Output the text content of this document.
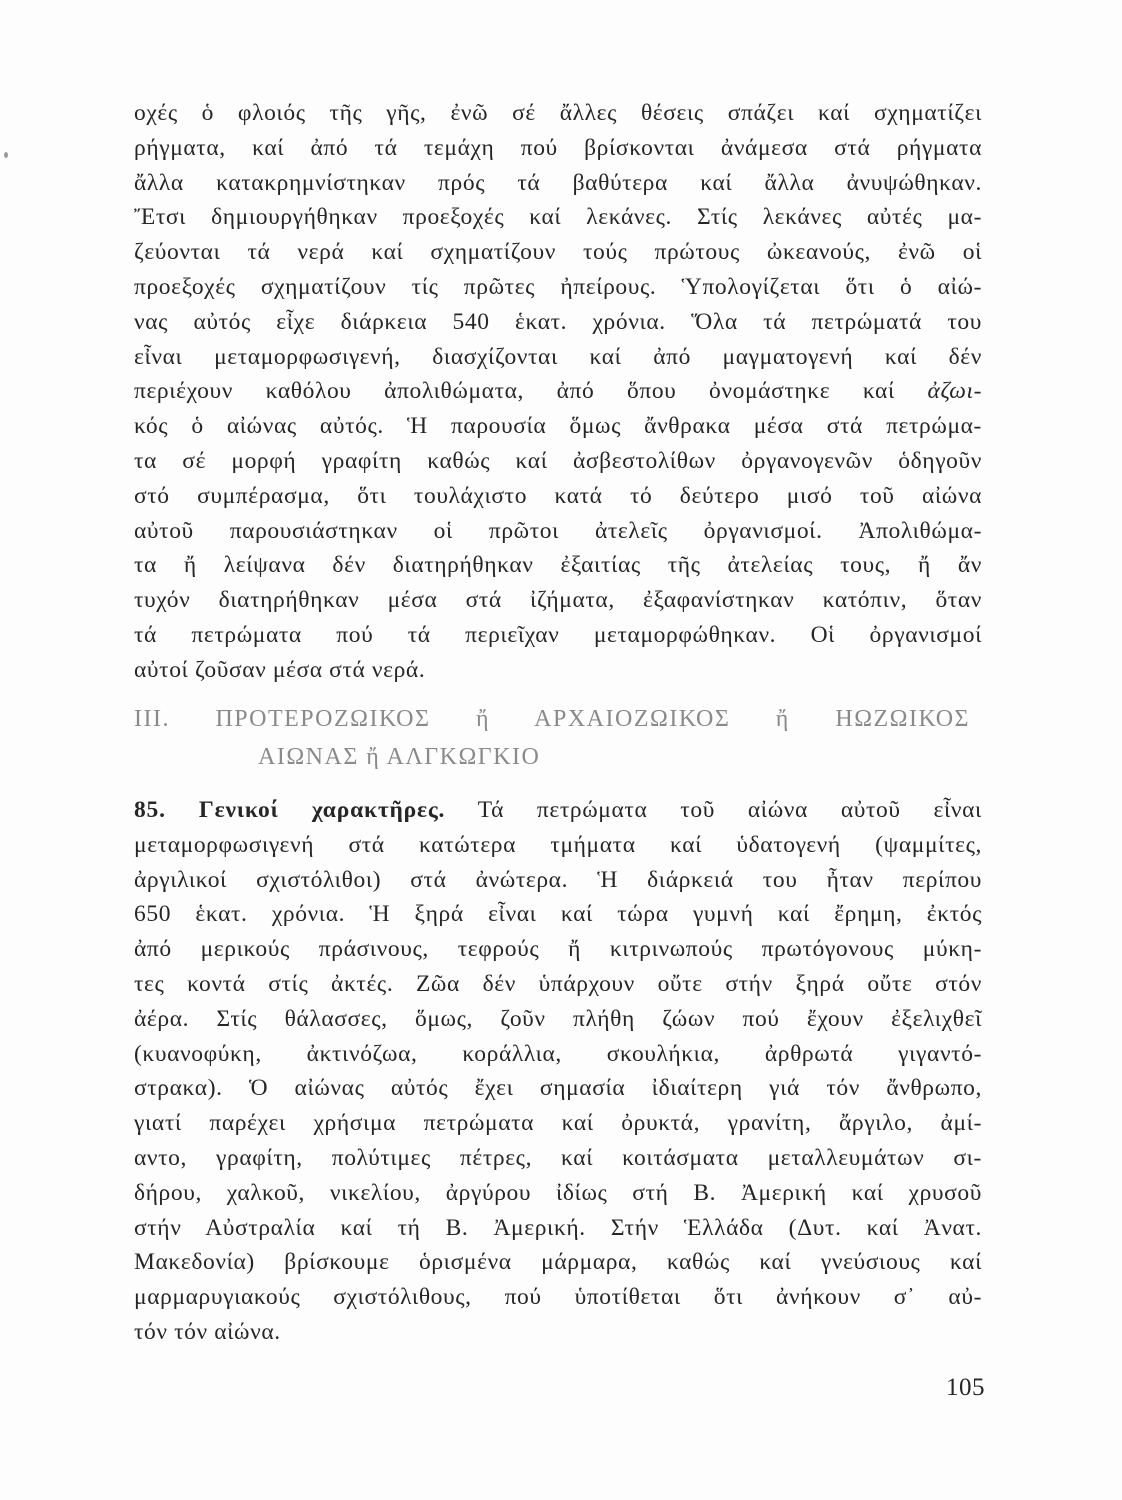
οχές ὁ φλοιός τῆς γῆς, ἐνῶ σέ ἄλλες θέσεις σπάζει καί σχηματίζει
ρήγματα, καί ἀπό τά τεμάχη πού βρίσκονται ἀνάμεσα στά ρήγματα
ἄλλα κατακρημνίστηκαν πρός τά βαθύτερα καί ἄλλα ἀνυψώθηκαν.
Ἔτσι δημιουργήθηκαν προεξοχές καί λεκάνες. Στίς λεκάνες αὐτές μα-
ζεύονται τά νερά καί σχηματίζουν τούς πρώτους ὠκεανούς, ἐνῶ οἱ
προεξοχές σχηματίζουν τίς πρῶτες ἠπείρους. Ὑπολογίζεται ὅτι ὁ αἰώ-
νας αὐτός εἶχε διάρκεια 540 ἑκατ. χρόνια. Ὅλα τά πετρώματά του
εἶναι μεταμορφωσιγενή, διασχίζονται καί ἀπό μαγματογενή καί δέν
περιέχουν καθόλου ἀπολιθώματα, ἀπό ὅπου ὀνομάστηκε καί ἀζωι-
κός ὁ αἰώνας αὐτός. Ἡ παρουσία ὅμως ἄνθρακα μέσα στά πετρώμα-
τα σέ μορφή γραφίτη καθώς καί ἀσβεστολίθων ὀργανογενῶν ὁδηγοῦν
στό συμπέρασμα, ὅτι τουλάχιστο κατά τό δεύτερο μισό τοῦ αἰώνα
αὐτοῦ παρουσιάστηκαν οἱ πρῶτοι ἀτελεῖς ὀργανισμοί. Ἀπολιθώμα-
τα ἤ λείψανα δέν διατηρήθηκαν ἐξαιτίας τῆς ἀτελείας τους, ἤ ἄν
τυχόν διατηρήθηκαν μέσα στά ἰζήματα, ἐξαφανίστηκαν κατόπιν, ὅταν
τά πετρώματα πού τά περιεῖχαν μεταμορφώθηκαν. Οἱ ὀργανισμοί
αὐτοί ζοῦσαν μέσα στά νερά.
ΙΙΙ. ΠΡΟΤΕΡΟΖΩΙΚΟΣ ἤ ΑΡΧΑΙΟΖΩΙΚΟΣ ἤ ΗΩΖΩΙΚΟΣ
ΑΙΩΝΑΣ ἤ ΑΛΓΚΩΓΚΙΟ
85. Γενικοί χαρακτῆρες. Τά πετρώματα τοῦ αἰώνα αὐτοῦ εἶναι
μεταμορφωσιγενή στά κατώτερα τμήματα καί ὑδατογενή (ψαμμίτες,
ἀργιλικοί σχιστόλιθοι) στά ἀνώτερα. Ἡ διάρκειά του ἦταν περίπου
650 ἑκατ. χρόνια. Ἡ ξηρά εἶναι καί τώρα γυμνή καί ἔρημη, ἐκτός
ἀπό μερικούς πράσινους, τεφρούς ἤ κιτρινωπούς πρωτόγονους μύκη-
τες κοντά στίς ἀκτές. Ζῶα δέν ὑπάρχουν οὔτε στήν ξηρά οὔτε στόν
ἀέρα. Στίς θάλασσες, ὅμως, ζοῦν πλήθη ζώων πού ἔχουν ἐξελιχθεῖ
(κυανοφύκη, ἀκτινόζωα, κοράλλια, σκουλήκια, ἀρθρωτά γιγαντό-
στρακα). Ὁ αἰώνας αὐτός ἔχει σημασία ἰδιαίτερη γιά τόν ἄνθρωπο,
γιατί παρέχει χρήσιμα πετρώματα καί ὀρυκτά, γρανίτη, ἄργιλο, ἀμί-
αντο, γραφίτη, πολύτιμες πέτρες, καί κοιτάσματα μεταλλευμάτων σι-
δήρου, χαλκοῦ, νικελίου, ἀργύρου ἰδίως στή Β. Ἀμερική καί χρυσοῦ
στήν Αὐστραλία καί τή Β. Ἀμερική. Στήν Ἑλλάδα (Δυτ. καί Ἀνατ.
Μακεδονία) βρίσκουμε ὁρισμένα μάρμαρα, καθώς καί γνεύσιους καί
μαρμαρυγιακούς σχιστόλιθους, πού ὑποτίθεται ὅτι ἀνήκουν σ᾿ αὐ-
τόν τόν αἰώνα.
105
